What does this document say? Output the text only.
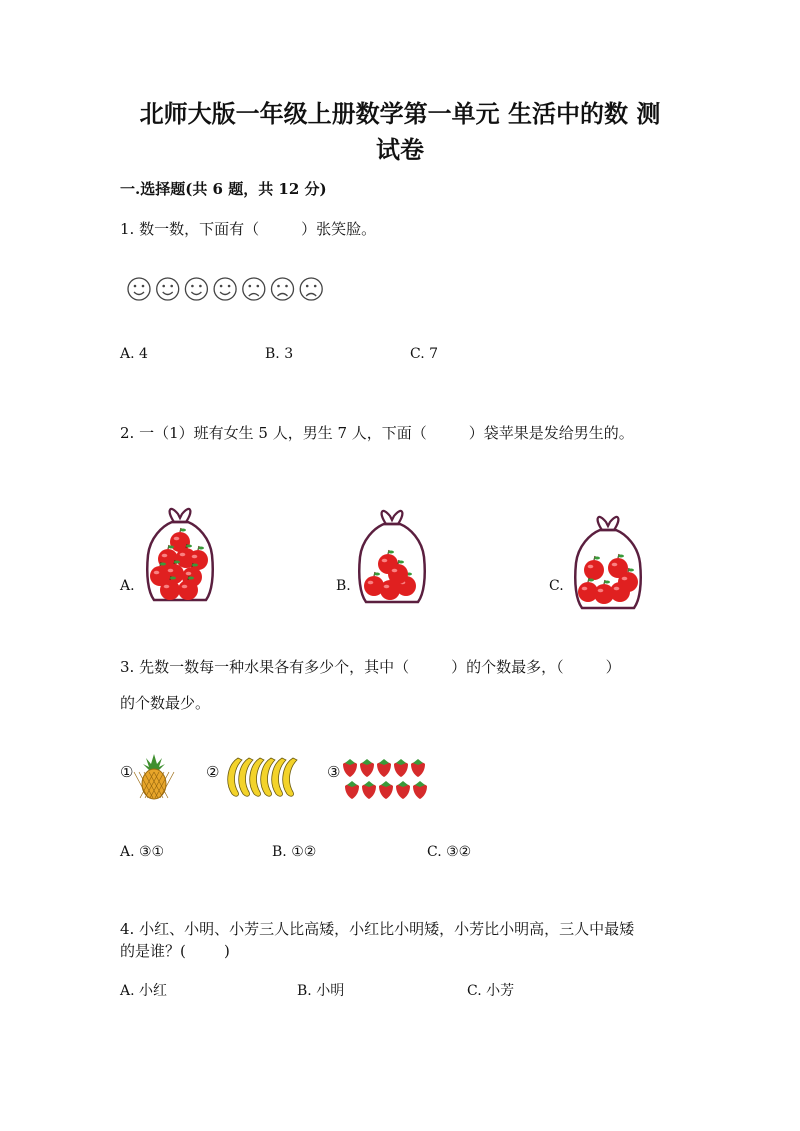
北师大版一年级上册数学第一单元 生活中的数 测
试卷
一.选择题(共 6 题，共 12 分)
1. 数一数，下面有（	）张笑脸。
A. 4	B. 3	C. 7
2. 一（1）班有女生 5 人，男生 7 人，下面（	）袋苹果是发给男生的。
A.	B.	C.
3. 先数一数每一种水果各有多少个，其中（	）的个数最多，（	）
的个数最少。
①	②	③
A. ③①	B. ①②	C. ③②
4. 小红、小明、小芳三人比高矮，小红比小明矮，小芳比小明高，三人中最矮
的是谁？(        )
A. 小红	B. 小明	C. 小芳
